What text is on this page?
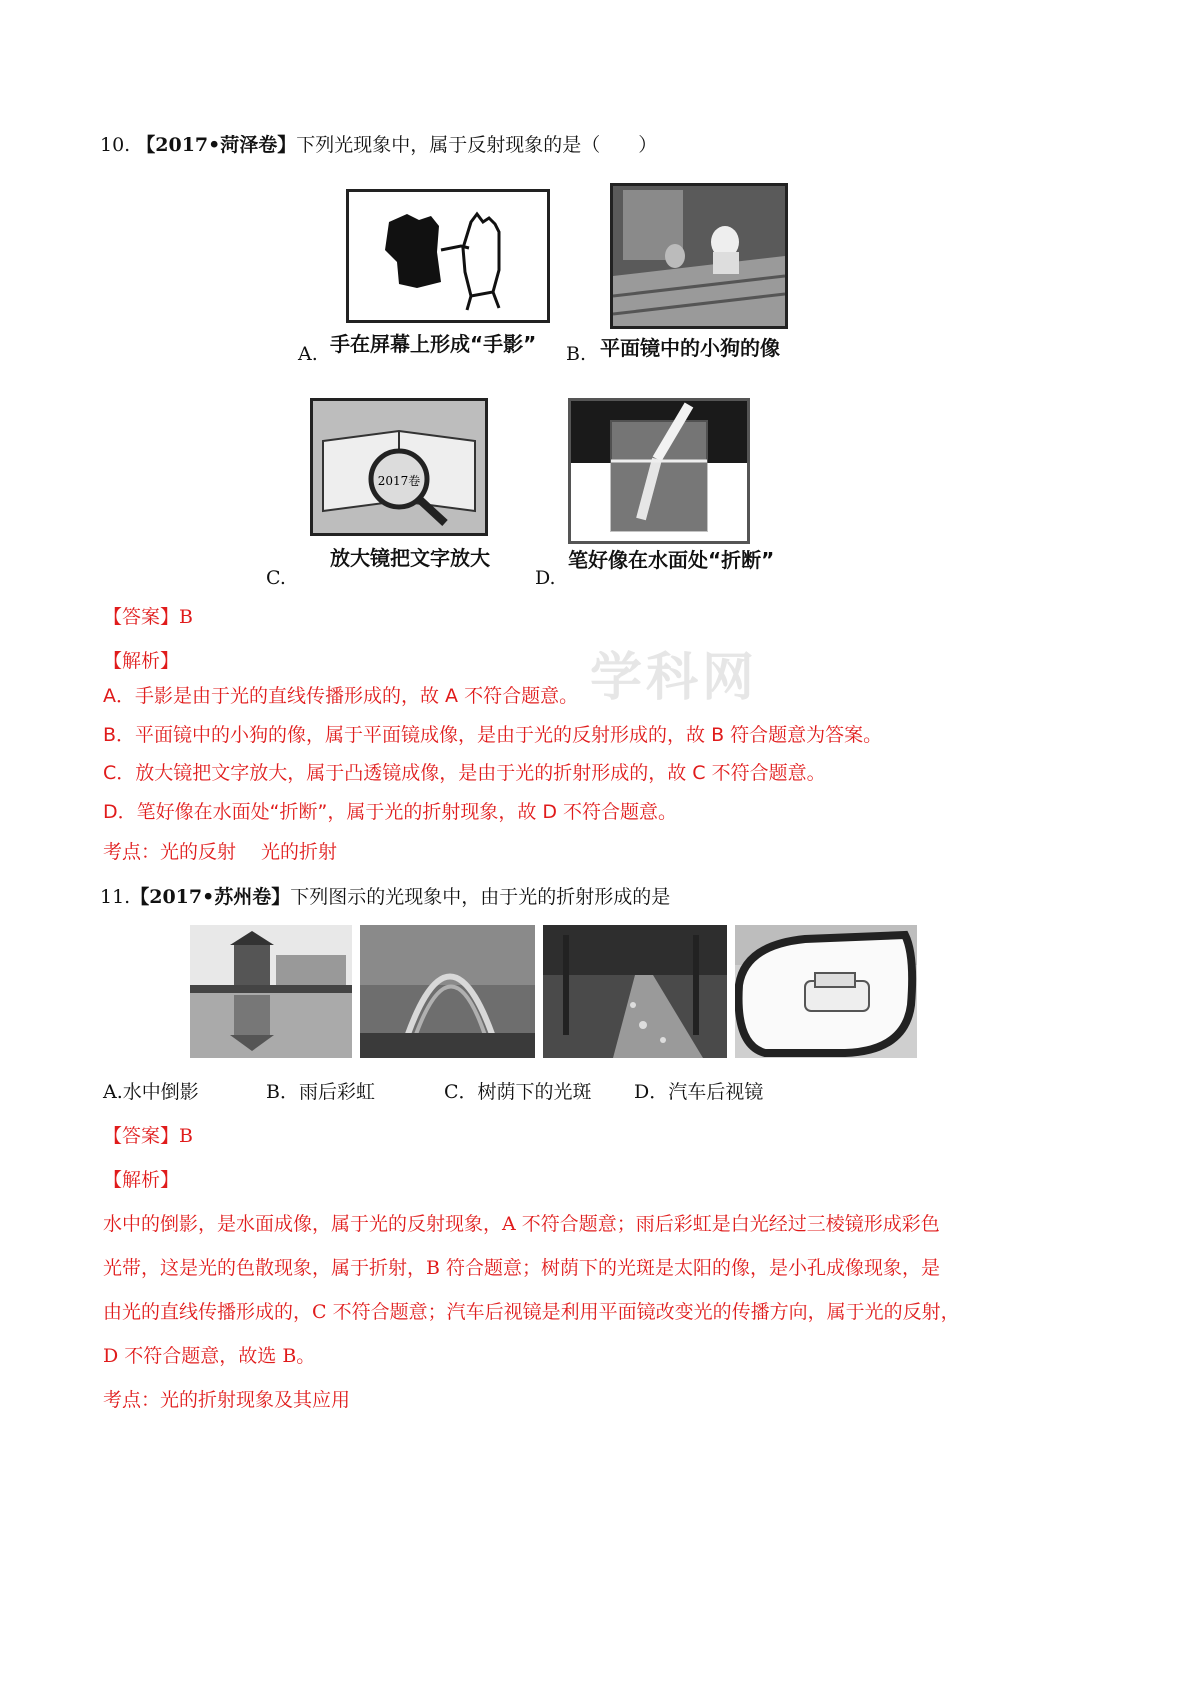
学科网
10. 【2017•菏泽卷】下列光现象中，属于反射现象的是（　　）
A. 手在屏幕上形成“手影” B. 平面镜中的小狗的像
C.
2017卷
放大镜把文字放大
D.
笔好像在水面处“折断”
【答案】B
【解析】
A．手影是由于光的直线传播形成的，故 A 不符合题意。
B．平面镜中的小狗的像，属于平面镜成像，是由于光的反射形成的，故 B 符合题意为答案。
C．放大镜把文字放大，属于凸透镜成像，是由于光的折射形成的，故 C 不符合题意。
D．笔好像在水面处“折断”，属于光的折射现象，故 D 不符合题意。
考点：光的反射　 光的折射
11.【2017•苏州卷】下列图示的光现象中，由于光的折射形成的是
A.水中倒影	B．雨后彩虹	C．树荫下的光斑 D．汽车后视镜
【答案】B
【解析】
水中的倒影，是水面成像，属于光的反射现象，A 不符合题意；雨后彩虹是白光经过三棱镜形成彩色
光带，这是光的色散现象，属于折射，B 符合题意；树荫下的光斑是太阳的像，是小孔成像现象，是
由光的直线传播形成的，C 不符合题意；汽车后视镜是利用平面镜改变光的传播方向，属于光的反射，
D 不符合题意，故选 B。
考点：光的折射现象及其应用
